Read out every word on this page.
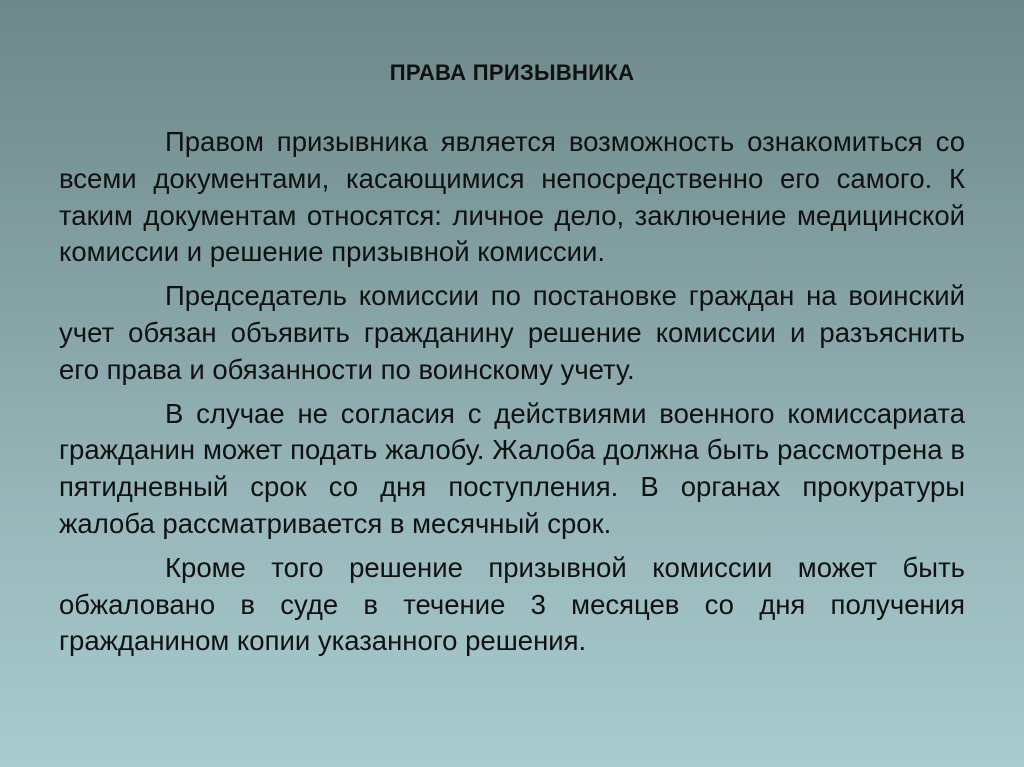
ПРАВА ПРИЗЫВНИКА

Правом призывника является возможность ознакомиться со всеми документами, касающимися непосредственно его самого. К таким документам относятся: личное дело, заключение медицинской комиссии и решение призывной комиссии.

Председатель комиссии по постановке граждан на воинский учет обязан объявить гражданину решение комиссии и разъяснить его права и обязанности по воинскому учету.

В случае не согласия с действиями военного комиссариата гражданин может подать жалобу. Жалоба должна быть рассмотрена в пятидневный срок со дня поступления. В органах прокуратуры жалоба рассматривается в месячный срок.

Кроме того решение призывной комиссии может быть обжаловано в суде в течение 3 месяцев со дня получения гражданином копии указанного решения.
